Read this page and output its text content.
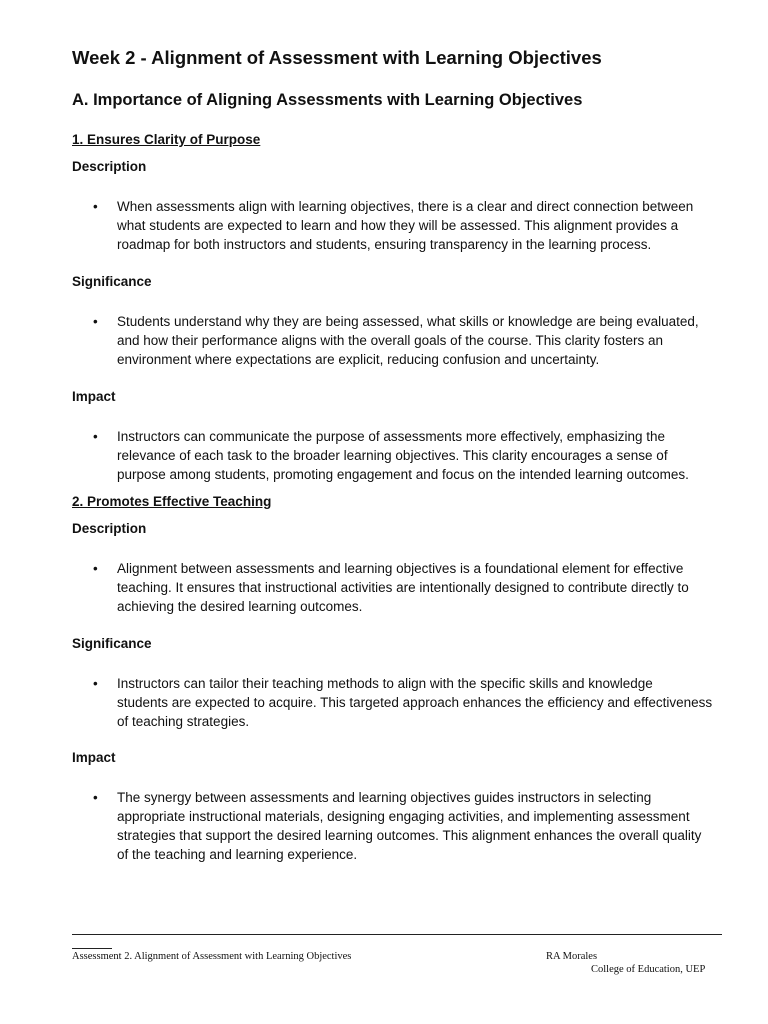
Week 2 - Alignment of Assessment with Learning Objectives
A. Importance of Aligning Assessments with Learning Objectives
1. Ensures Clarity of Purpose
Description
• When assessments align with learning objectives, there is a clear and direct connection between
what students are expected to learn and how they will be assessed. This alignment provides a
roadmap for both instructors and students, ensuring transparency in the learning process.
Significance
• Students understand why they are being assessed, what skills or knowledge are being evaluated,
and how their performance aligns with the overall goals of the course. This clarity fosters an
environment where expectations are explicit, reducing confusion and uncertainty.
Impact
• Instructors can communicate the purpose of assessments more effectively, emphasizing the
relevance of each task to the broader learning objectives. This clarity encourages a sense of
purpose among students, promoting engagement and focus on the intended learning outcomes.
2. Promotes Effective Teaching
Description
• Alignment between assessments and learning objectives is a foundational element for effective
teaching. It ensures that instructional activities are intentionally designed to contribute directly to
achieving the desired learning outcomes.
Significance
• Instructors can tailor their teaching methods to align with the specific skills and knowledge
students are expected to acquire. This targeted approach enhances the efficiency and effectiveness
of teaching strategies.
Impact
• The synergy between assessments and learning objectives guides instructors in selecting
appropriate instructional materials, designing engaging activities, and implementing assessment
strategies that support the desired learning outcomes. This alignment enhances the overall quality
of the teaching and learning experience.
Assessment 2. Alignment of Assessment with Learning Objectives	RA Morales
College of Education, UEP
